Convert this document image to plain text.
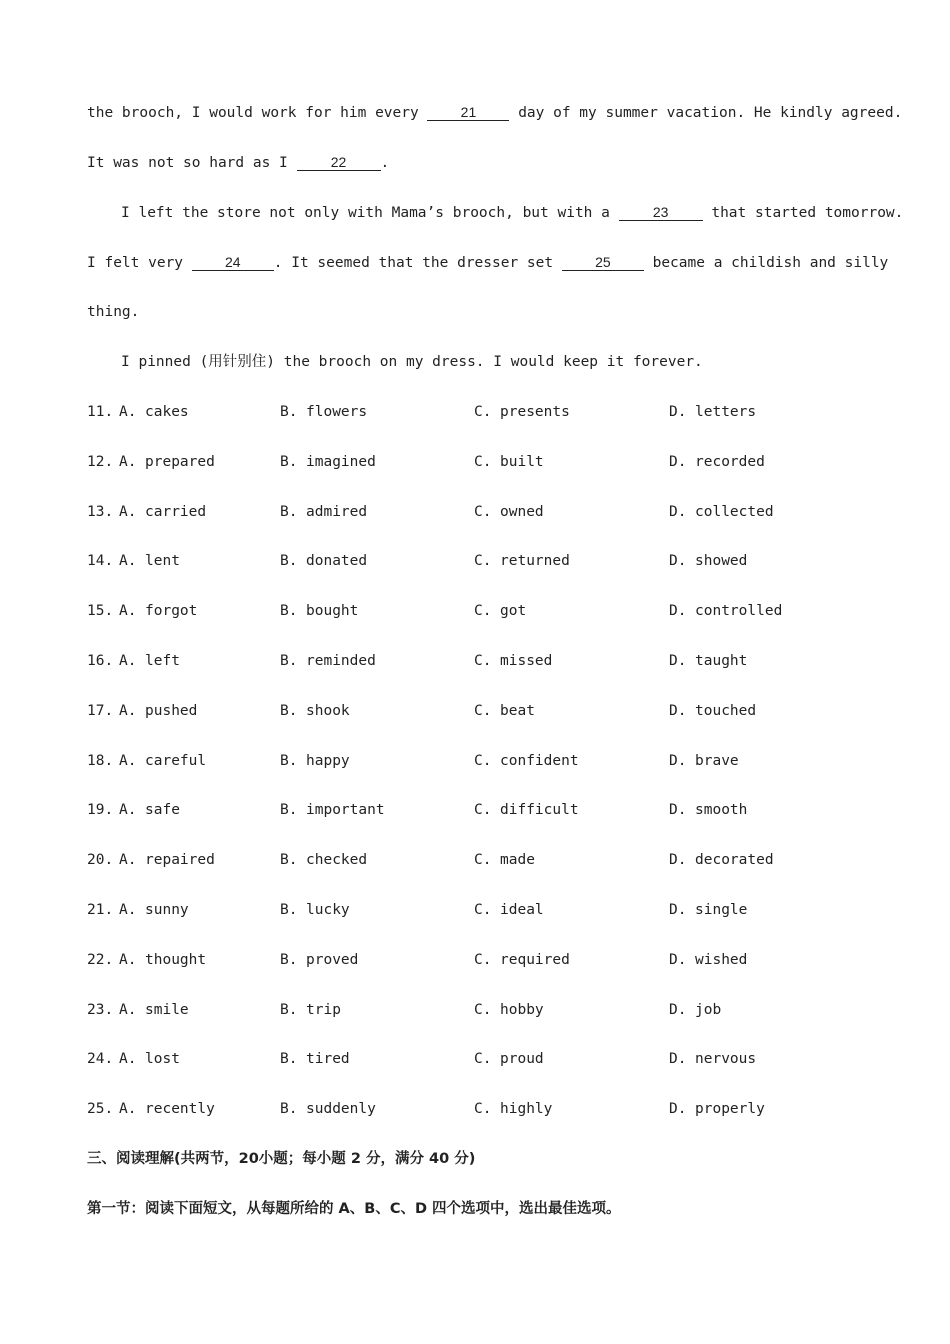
the brooch, I would work for him every 21 day of my summer vacation. He kindly agreed.
It was not so hard as I 22 .
I left the store not only with Mama’s brooch, but with a 23 that started tomorrow.
I felt very 24 . It seemed that the dresser set 25 became a childish and silly
thing.
I pinned (用针别住) the brooch on my dress. I would keep it forever.
11. A. cakes	B. flowers	C. presents	D. letters
12. A. prepared	B. imagined	C. built	D. recorded
13. A. carried	B. admired	C. owned	D. collected
14. A. lent	B. donated	C. returned	D. showed
15. A. forgot	B. bought	C. got	D. controlled
16. A. left	B. reminded	C. missed	D. taught
17. A. pushed	B. shook	C. beat	D. touched
18. A. careful	B. happy	C. confident	D. brave
19. A. safe	B. important	C. difficult	D. smooth
20. A. repaired	B. checked	C. made	D. decorated
21. A. sunny	B. lucky	C. ideal	D. single
22. A. thought	B. proved	C. required	D. wished
23. A. smile	B. trip	C. hobby	D. job
24. A. lost	B. tired	C. proud	D. nervous
25. A. recently	B. suddenly	C. highly	D. properly
三、阅读理解(共两节，20小题；每小题 2 分，满分 40 分)
第一节：阅读下面短文，从每题所给的 A、B、C、D 四个选项中，选出最佳选项。
